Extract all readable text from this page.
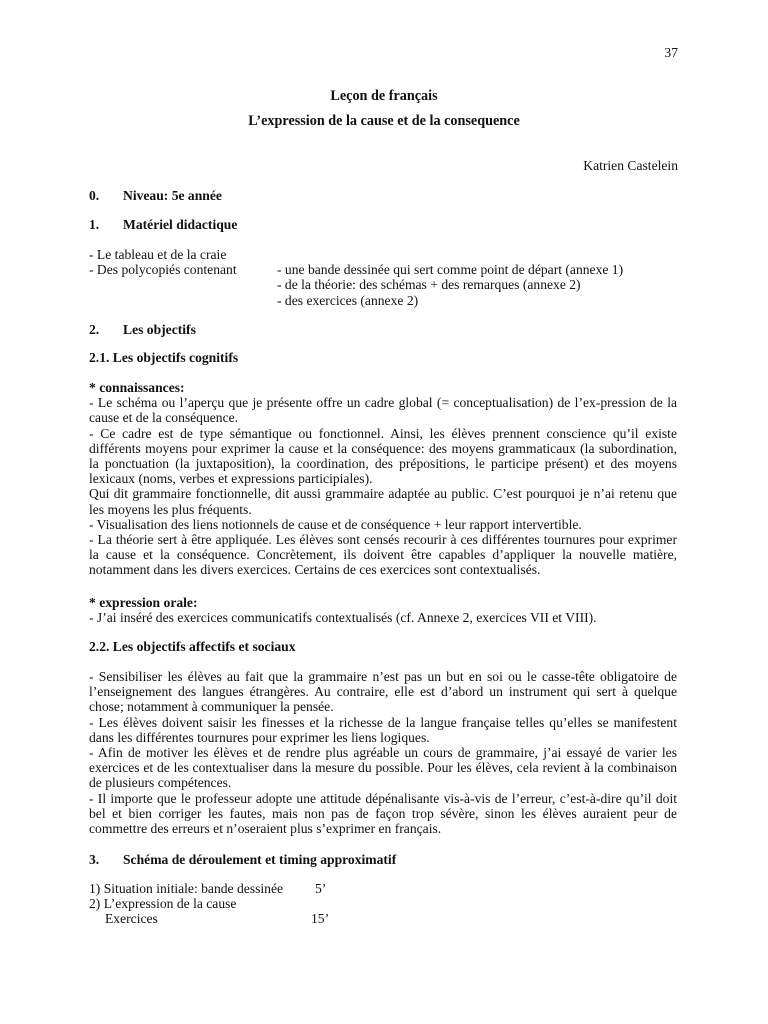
37
Leçon de français
L’expression de la cause et de la consequence
Katrien Castelein
0. Niveau: 5e année
1. Matériel didactique
- Le tableau et de la craie
- Des polycopiés contenant	- une bande dessinée qui sert comme point de départ (annexe 1)
- de la théorie: des schémas + des remarques (annexe 2)
- des exercices (annexe 2)
2. Les objectifs
2.1. Les objectifs cognitifs
* connaissances:

- Le schéma ou l’aperçu que je présente offre un cadre global (= conceptualisation) de l’ex-pression de la cause et de la conséquence.

- Ce cadre est de type sémantique ou fonctionnel. Ainsi, les élèves prennent conscience qu’il existe différents moyens pour exprimer la cause et la conséquence: des moyens grammaticaux (la subordination, la ponctuation (la juxtaposition), la coordination, des prépositions, le participe présent) et des moyens lexicaux (noms, verbes et expressions participiales).

Qui dit grammaire fonctionnelle, dit aussi grammaire adaptée au public. C’est pourquoi je n’ai retenu que les moyens les plus fréquents.

- Visualisation des liens notionnels de cause et de conséquence + leur rapport intervertible.

- La théorie sert à être appliquée. Les élèves sont censés recourir à ces différentes tournures pour exprimer la cause et la conséquence. Concrètement, ils doivent être capables d’appliquer la nouvelle matière, notamment dans les divers exercices. Certains de ces exercices sont contextualisés.

* expression orale:

- J’ai inséré des exercices communicatifs contextualisés (cf. Annexe 2, exercices VII et VIII).

2.2. Les objectifs affectifs et sociaux

- Sensibiliser les élèves au fait que la grammaire n’est pas un but en soi ou le casse-tête obligatoire de l’enseignement des langues étrangères. Au contraire, elle est d’abord un instrument qui sert à quelque chose; notamment à communiquer la pensée.

- Les élèves doivent saisir les finesses et la richesse de la langue française telles qu’elles se manifestent dans les différentes tournures pour exprimer les liens logiques.

- Afin de motiver les élèves et de rendre plus agréable un cours de grammaire, j’ai essayé de varier les exercices et de les contextualiser dans la mesure du possible. Pour les élèves, cela revient à la combinaison de plusieurs compétences.

- Il importe que le professeur adopte une attitude dépénalisante vis-à-vis de l’erreur, c’est-à-dire qu’il doit bel et bien corriger les fautes, mais non pas de façon trop sévère, sinon les élèves auraient peur de commettre des erreurs et n’oseraient plus s’exprimer en français.

3. Schéma de déroulement et timing approximatif
1) Situation initiale: bande dessinée 5’
2) L’expression de la cause
Exercices	15’
